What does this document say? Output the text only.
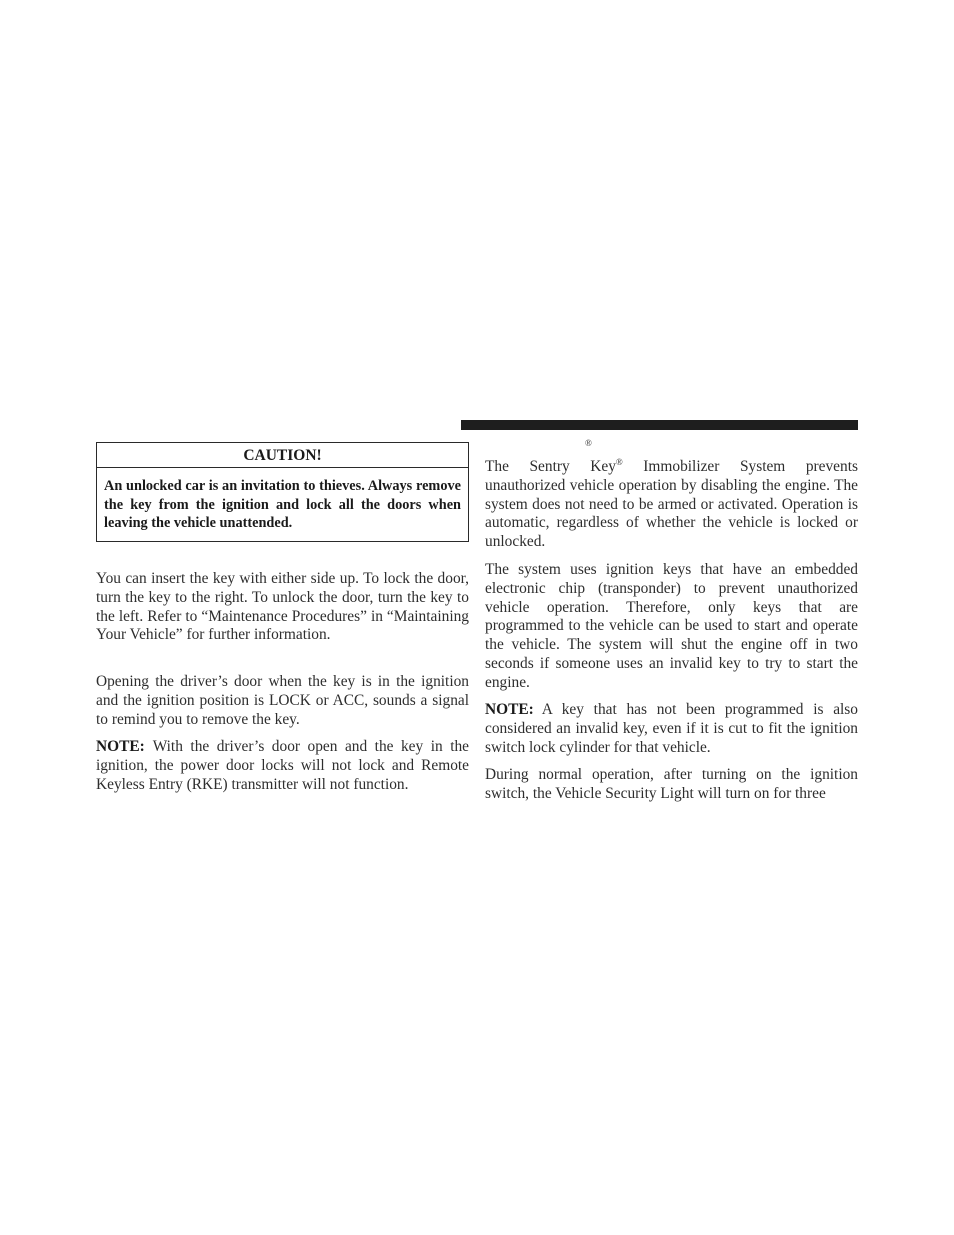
CAUTION!
An unlocked car is an invitation to thieves. Always remove the key from the ignition and lock all the doors when leaving the vehicle unattended.

You can insert the key with either side up. To lock the door, turn the key to the right. To unlock the door, turn the key to the left. Refer to “Maintenance Procedures” in “Maintaining Your Vehicle” for further information.

Opening the driver’s door when the key is in the ignition and the ignition position is LOCK or ACC, sounds a signal to remind you to remove the key.

NOTE: With the driver’s door open and the key in the ignition, the power door locks will not lock and Remote Keyless Entry (RKE) transmitter will not function.

®

The Sentry Key® Immobilizer System prevents unauthorized vehicle operation by disabling the engine. The system does not need to be armed or activated. Operation is automatic, regardless of whether the vehicle is locked or unlocked.

The system uses ignition keys that have an embedded electronic chip (transponder) to prevent unauthorized vehicle operation. Therefore, only keys that are programmed to the vehicle can be used to start and operate the vehicle. The system will shut the engine off in two seconds if someone uses an invalid key to try to start the engine.

NOTE: A key that has not been programmed is also considered an invalid key, even if it is cut to fit the ignition switch lock cylinder for that vehicle.

During normal operation, after turning on the ignition switch, the Vehicle Security Light will turn on for three
